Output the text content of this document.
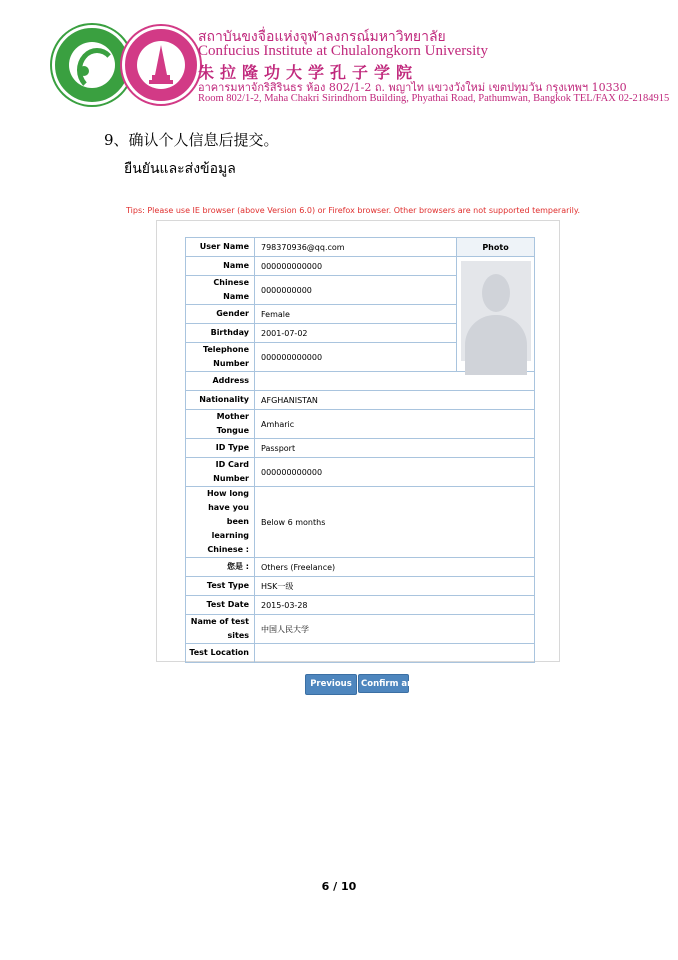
สถาบันขงจื่อแห่งจุฬาลงกรณ์มหาวิทยาลัย
Confucius Institute at Chulalongkorn University
朱拉隆功大学孔子学院
อาคารมหาจักริสิรินธร ห้อง 802/1-2 ถ. พญาไท แขวงวังใหม่ เขตปทุมวัน กรุงเทพฯ 10330
Room 802/1-2, Maha Chakri Sirindhorn Building, Phyathai Road, Pathumwan, Bangkok TEL/FAX 02-2184915
9、确认个人信息后提交。
ยืนยันและส่งข้อมูล
Tips: Please use IE browser (above Version 6.0) or Firefox browser. Other browsers are not supported temperarily.
User Name	798370936@qq.com	Photo
Name	000000000000	

Chinese Name	0000000000	
Gender	Female	
Birthday	2001-07-02	
Telephone Number	000000000000	
Address		
Nationality	AFGHANISTAN	
Mother Tongue	Amharic	
ID Type	Passport	
ID Card Number	000000000000	
How long have you been learning Chinese :	Below 6 months	
您是 :	Others (Freelance)	
Test Type	HSK一级	
Test Date	2015-03-28	
Name of test sites	中国人民大学	
Test Location		
Previous	Confirm and
6 / 10
